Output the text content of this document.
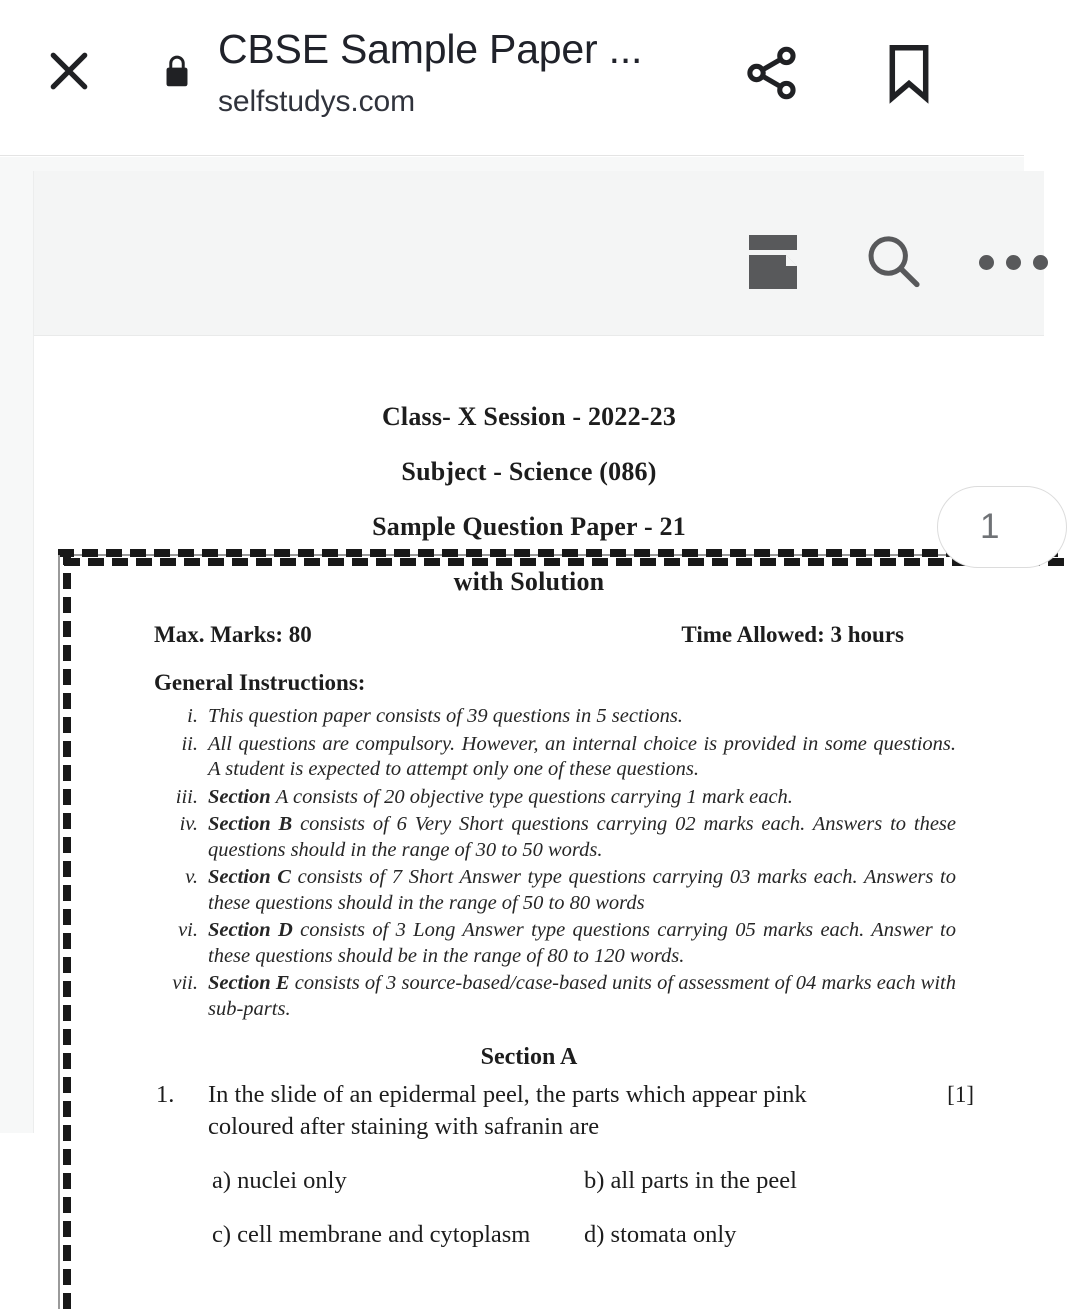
CBSE Sample Paper ...
selfstudys.com
1
Class- X Session - 2022-23
Subject - Science (086)
Sample Question Paper - 21
with Solution
Max. Marks: 80	Time Allowed: 3 hours
General Instructions:
i. This question paper consists of 39 questions in 5 sections.
ii. All questions are compulsory. However, an internal choice is provided in some questions. A student is expected to attempt only one of these questions.
iii. Section A consists of 20 objective type questions carrying 1 mark each.
iv. Section B consists of 6 Very Short questions carrying 02 marks each. Answers to these questions should in the range of 30 to 50 words.
v. Section C consists of 7 Short Answer type questions carrying 03 marks each. Answers to these questions should in the range of 50 to 80 words
vi. Section D consists of 3 Long Answer type questions carrying 05 marks each. Answer to these questions should be in the range of 80 to 120 words.
vii. Section E consists of 3 source-based/case-based units of assessment of 04 marks each with sub-parts.
Section A
1.	In the slide of an epidermal peel, the parts which appear pink coloured after staining with safranin are
[1]
a) nuclei only	b) all parts in the peel
c) cell membrane and cytoplasm	d) stomata only
